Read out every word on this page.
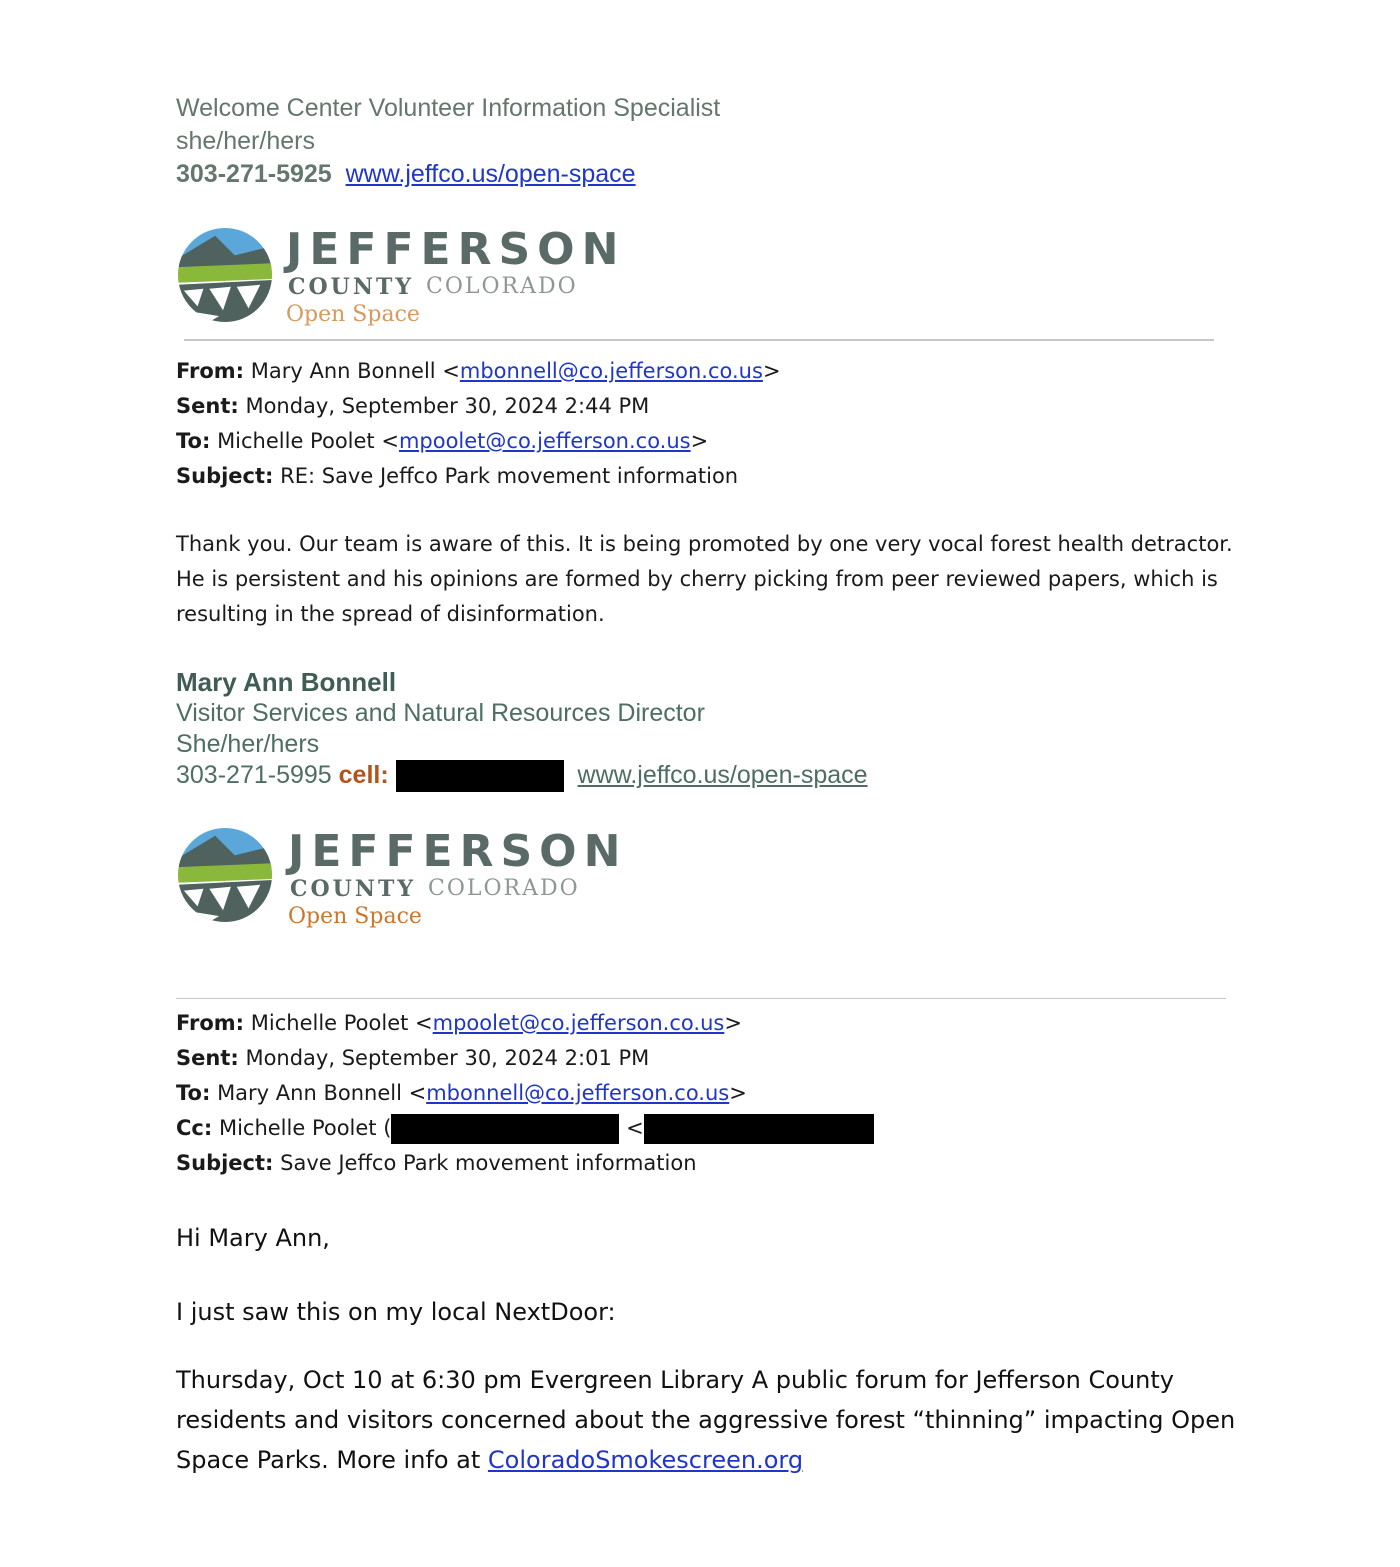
Welcome Center Volunteer Information Specialist
she/her/hers
303-271-5925 www.jeffco.us/open-space
JEFFERSON
COUNTY COLORADO
Open Space
From: Mary Ann Bonnell <mbonnell@co.jefferson.co.us>
Sent: Monday, September 30, 2024 2:44 PM
To: Michelle Poolet <mpoolet@co.jefferson.co.us>
Subject: RE: Save Jeffco Park movement information
Thank you. Our team is aware of this. It is being promoted by one very vocal forest health detractor. He is persistent and his opinions are formed by cherry picking from peer reviewed papers, which is resulting in the spread of disinformation.
Mary Ann Bonnell
Visitor Services and Natural Resources Director
She/her/hers
303-271-5995 cell:	www.jeffco.us/open-space
JEFFERSON
COUNTY COLORADO
Open Space
From: Michelle Poolet <mpoolet@co.jefferson.co.us>
Sent: Monday, September 30, 2024 2:01 PM
To: Mary Ann Bonnell <mbonnell@co.jefferson.co.us>
Cc: Michelle Poolet (	<
Subject: Save Jeffco Park movement information
Hi Mary Ann,
I just saw this on my local NextDoor:
Thursday, Oct 10 at 6:30 pm Evergreen Library A public forum for Jefferson County residents and visitors concerned about the aggressive forest “thinning” impacting Open Space Parks. More info at ColoradoSmokescreen.org
